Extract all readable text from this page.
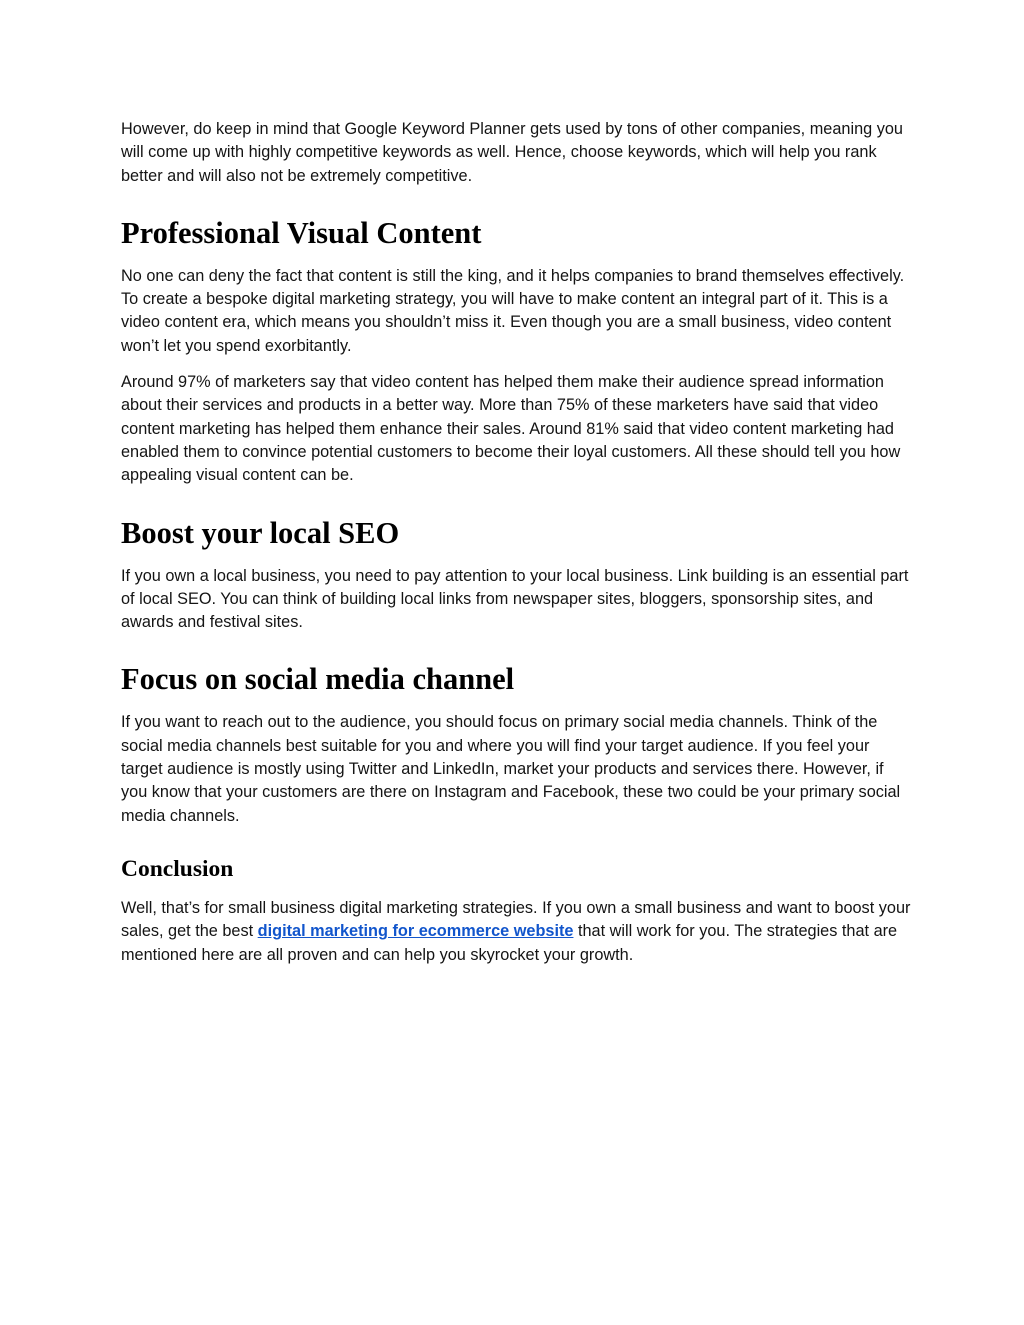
However, do keep in mind that Google Keyword Planner gets used by tons of other companies, meaning you will come up with highly competitive keywords as well. Hence, choose keywords, which will help you rank better and will also not be extremely competitive.

Professional Visual Content

No one can deny the fact that content is still the king, and it helps companies to brand themselves effectively. To create a bespoke digital marketing strategy, you will have to make content an integral part of it. This is a video content era, which means you shouldn’t miss it. Even though you are a small business, video content won’t let you spend exorbitantly.

Around 97% of marketers say that video content has helped them make their audience spread information about their services and products in a better way. More than 75% of these marketers have said that video content marketing has helped them enhance their sales. Around 81% said that video content marketing had enabled them to convince potential customers to become their loyal customers. All these should tell you how appealing visual content can be.

Boost your local SEO

If you own a local business, you need to pay attention to your local business. Link building is an essential part of local SEO. You can think of building local links from newspaper sites, bloggers, sponsorship sites, and awards and festival sites.

Focus on social media channel

If you want to reach out to the audience, you should focus on primary social media channels. Think of the social media channels best suitable for you and where you will find your target audience. If you feel your target audience is mostly using Twitter and LinkedIn, market your products and services there. However, if you know that your customers are there on Instagram and Facebook, these two could be your primary social media channels.

Conclusion

Well, that’s for small business digital marketing strategies. If you own a small business and want to boost your sales, get the best digital marketing for ecommerce website that will work for you. The strategies that are mentioned here are all proven and can help you skyrocket your growth.
